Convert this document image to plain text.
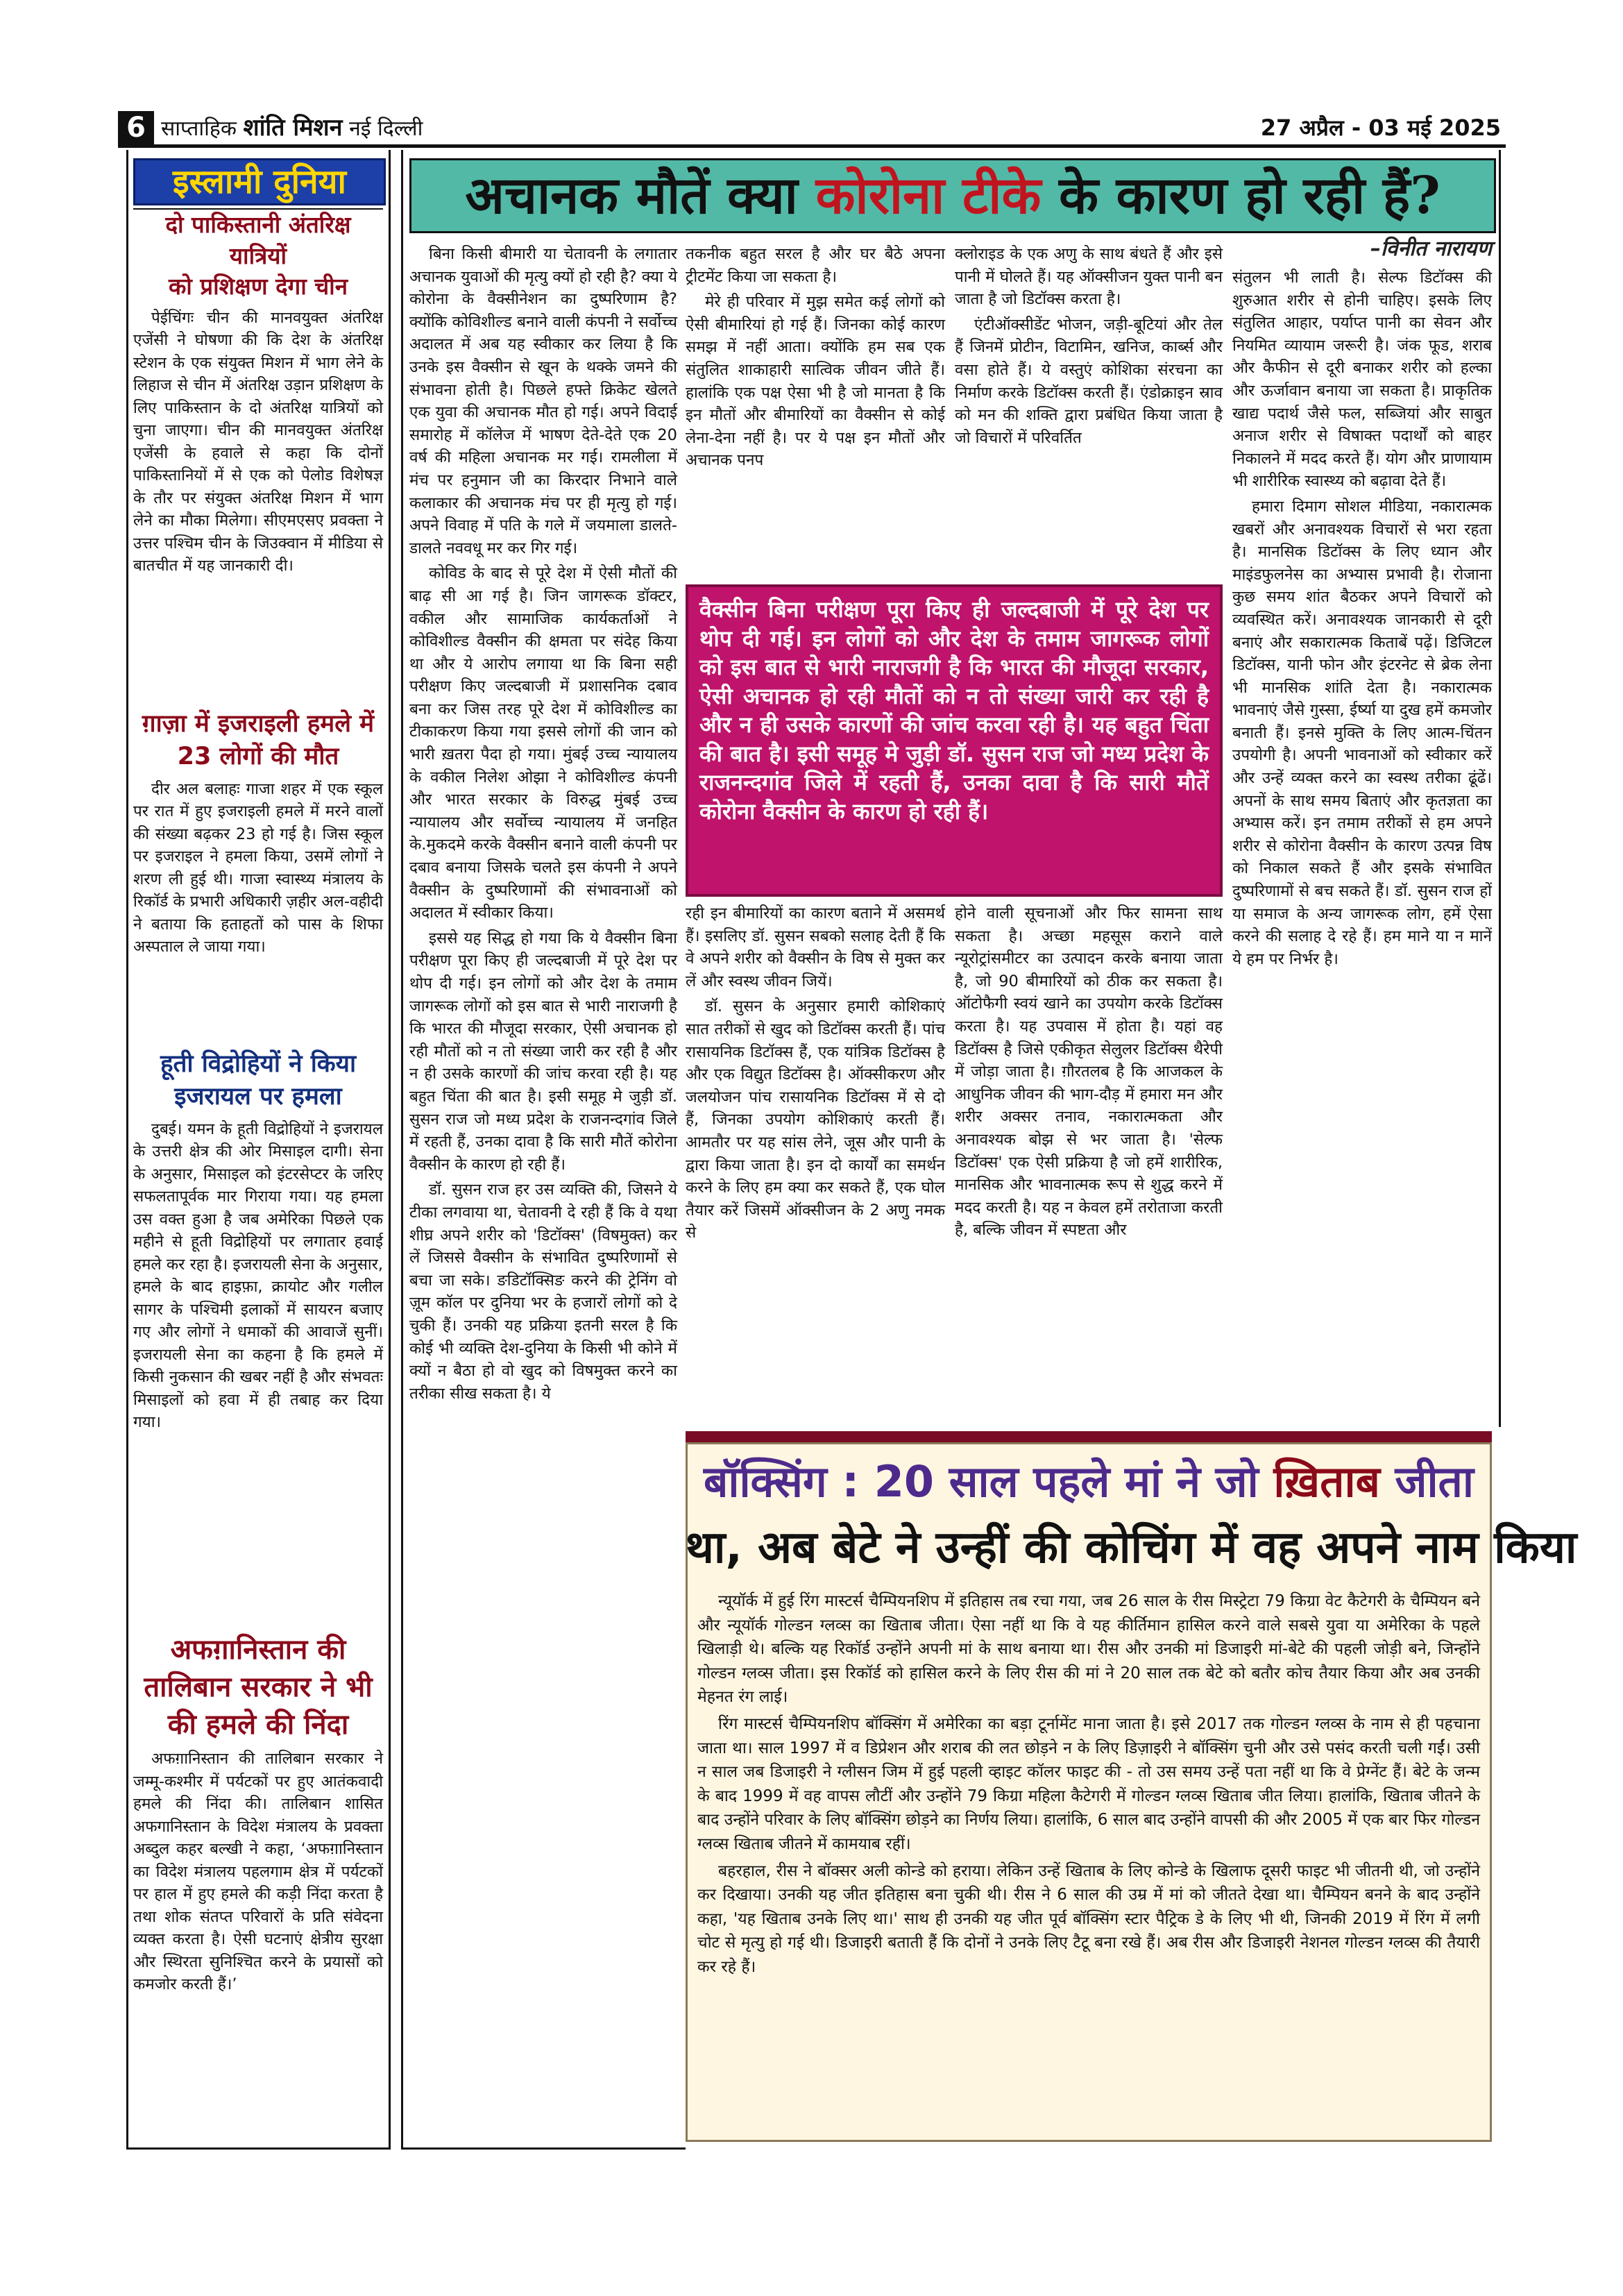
6 साप्ताहिक शांति मिशन नई दिल्ली	27 अप्रैल - 03 मई 2025
इस्लामी दुनिया
दो पाकिस्तानी अंतरिक्ष यात्रियों
को प्रशिक्षण देगा चीन

पेईचिंगः चीन की मानवयुक्त अंतरिक्ष एजेंसी ने घोषणा की कि देश के अंतरिक्ष स्टेशन के एक संयुक्त मिशन में भाग लेने के लिहाज से चीन में अंतरिक्ष उड़ान प्रशिक्षण के लिए पाकिस्तान के दो अंतरिक्ष यात्रियों को चुना जाएगा। चीन की मानवयुक्त अंतरिक्ष एजेंसी के हवाले से कहा कि दोनों पाकिस्तानियों में से एक को पेलोड विशेषज्ञ के तौर पर संयुक्त अंतरिक्ष मिशन में भाग लेने का मौका मिलेगा। सीएमएसए प्रवक्ता ने उत्तर पश्चिम चीन के जिउक्वान में मीडिया से बातचीत में यह जानकारी दी।

ग़ाज़ा में इजराइली हमले में 23 लोगों की मौत

दीर अल बलाहः गाजा शहर में एक स्कूल पर रात में हुए इजराइली हमले में मरने वालों की संख्या बढ़कर 23 हो गई है। जिस स्कूल पर इजराइल ने हमला किया, उसमें लोगों ने शरण ली हुई थी। गाजा स्वास्थ्य मंत्रालय के रिकॉर्ड के प्रभारी अधिकारी ज़हीर अल-वहीदी ने बताया कि हताहतों को पास के शिफा अस्पताल ले जाया गया।

हूती विद्रोहियों ने किया
इजरायल पर हमला

दुबई। यमन के हूती विद्रोहियों ने इजरायल के उत्तरी क्षेत्र की ओर मिसाइल दागी। सेना के अनुसार, मिसाइल को इंटरसेप्टर के जरिए सफलतापूर्वक मार गिराया गया। यह हमला उस वक्त हुआ है जब अमेरिका पिछले एक महीने से हूती विद्रोहियों पर लगातार हवाई हमले कर रहा है। इजरायली सेना के अनुसार, हमले के बाद हाइफ़ा, क्रायोट और गलील सागर के पश्चिमी इलाकों में सायरन बजाए गए और लोगों ने धमाकों की आवाजें सुनीं। इजरायली सेना का कहना है कि हमले में किसी नुकसान की खबर नहीं है और संभवतः मिसाइलों को हवा में ही तबाह कर दिया गया।

अफग़ानिस्तान की
तालिबान सरकार ने भी
की हमले की निंदा

अफग़ानिस्तान की तालिबान सरकार ने जम्मू-कश्मीर में पर्यटकों पर हुए आतंकवादी हमले की निंदा की। तालिबान शासित अफगानिस्तान के विदेश मंत्रालय के प्रवक्ता अब्दुल कहर बल्खी ने कहा, ‘अफग़ानिस्तान का विदेश मंत्रालय पहलगाम क्षेत्र में पर्यटकों पर हाल में हुए हमले की कड़ी निंदा करता है तथा शोक संतप्त परिवारों के प्रति संवेदना व्यक्त करता है। ऐसी घटनाएं क्षेत्रीय सुरक्षा और स्थिरता सुनिश्चित करने के प्रयासों को कमजोर करती हैं।’

अचानक मौतें क्या कोरोना टीके के कारण हो रही हैं?
–विनीत नारायण

बिना किसी बीमारी या चेतावनी के लगातार अचानक युवाओं की मृत्यु क्यों हो रही है? क्या ये कोरोना के वैक्सीनेशन का दुष्परिणाम है? क्योंकि कोविशील्ड बनाने वाली कंपनी ने सर्वोच्च अदालत में अब यह स्वीकार कर लिया है कि उनके इस वैक्सीन से खून के थक्के जमने की संभावना होती है। पिछले हफ्ते क्रिकेट खेलते एक युवा की अचानक मौत हो गई। अपने विदाई समारोह में कॉलेज में भाषण देते-देते एक 20 वर्ष की महिला अचानक मर गई। रामलीला में मंच पर हनुमान जी का किरदार निभाने वाले कलाकार की अचानक मंच पर ही मृत्यु हो गई। अपने विवाह में पति के गले में जयमाला डालते-डालते नववधू मर कर गिर गई।

कोविड के बाद से पूरे देश में ऐसी मौतों की बाढ़ सी आ गई है। जिन जागरूक डॉक्टर, वकील और सामाजिक कार्यकर्ताओं ने कोविशील्ड वैक्सीन की क्षमता पर संदेह किया था और ये आरोप लगाया था कि बिना सही परीक्षण किए जल्दबाजी में प्रशासनिक दबाव बना कर जिस तरह पूरे देश में कोविशील्ड का टीकाकरण किया गया इससे लोगों की जान को भारी ख़तरा पैदा हो गया। मुंबई उच्च न्यायालय के वकील निलेश ओझा ने कोविशील्ड कंपनी और भारत सरकार के विरुद्ध मुंबई उच्च न्यायालय और सर्वोच्च न्यायालय में जनहित के.मुकदमे करके वैक्सीन बनाने वाली कंपनी पर दबाव बनाया जिसके चलते इस कंपनी ने अपने वैक्सीन के दुष्परिणामों की संभावनाओं को अदालत में स्वीकार किया।

इससे यह सिद्ध हो गया कि ये वैक्सीन बिना परीक्षण पूरा किए ही जल्दबाजी में पूरे देश पर थोप दी गई। इन लोगों को और देश के तमाम जागरूक लोगों को इस बात से भारी नाराजगी है कि भारत की मौजूदा सरकार, ऐसी अचानक हो रही मौतों को न तो संख्या जारी कर रही है और न ही उसके कारणों की जांच करवा रही है। यह बहुत चिंता की बात है। इसी समूह मे जुड़ी डॉ. सुसन राज जो मध्य प्रदेश के राजनन्दगांव जिले में रहती हैं, उनका दावा है कि सारी मौतें कोरोना वैक्सीन के कारण हो रही हैं।

डॉ. सुसन राज हर उस व्यक्ति की, जिसने ये टीका लगवाया था, चेतावनी दे रही हैं कि वे यथा शीघ्र अपने शरीर को 'डिटॉक्स' (विषमुक्त) कर लें जिससे वैक्सीन के संभावित दुष्परिणामों से बचा जा सके। ङडिटॉक्सिङ करने की ट्रेनिंग वो ज़ूम कॉल पर दुनिया भर के हजारों लोगों को दे चुकी हैं। उनकी यह प्रक्रिया इतनी सरल है कि कोई भी व्यक्ति देश-दुनिया के किसी भी कोने में क्यों न बैठा हो वो खुद को विषमुक्त करने का तरीका सीख सकता है। ये

तकनीक बहुत सरल है और घर बैठे अपना ट्रीटमेंट किया जा सकता है।

मेरे ही परिवार में मुझ समेत कई लोगों को ऐसी बीमारियां हो गई हैं। जिनका कोई कारण समझ में नहीं आता। क्योंकि हम सब एक संतुलित शाकाहारी सात्विक जीवन जीते हैं। हालांकि एक पक्ष ऐसा भी है जो मानता है कि इन मौतों और बीमारियों का वैक्सीन से कोई लेना-देना नहीं है। पर ये पक्ष इन मौतों और अचानक पनप

क्लोराइड के एक अणु के साथ बंधते हैं और इसे पानी में घोलते हैं। यह ऑक्सीजन युक्त पानी बन जाता है जो डिटॉक्स करता है।

एंटीऑक्सीडेंट भोजन, जड़ी-बूटियां और तेल हैं जिनमें प्रोटीन, विटामिन, खनिज, कार्ब्स और वसा होते हैं। ये वस्तुएं कोशिका संरचना का निर्माण करके डिटॉक्स करती हैं। एंडोक्राइन स्राव को मन की शक्ति द्वारा प्रबंधित किया जाता है जो विचारों में परिवर्तित

वैक्सीन बिना परीक्षण पूरा किए ही जल्दबाजी में पूरे देश पर थोप दी गई। इन लोगों को और देश के तमाम जागरूक लोगों को इस बात से भारी नाराजगी है कि भारत की मौजूदा सरकार, ऐसी अचानक हो रही मौतों को न तो संख्या जारी कर रही है और न ही उसके कारणों की जांच करवा रही है। यह बहुत चिंता की बात है। इसी समूह मे जुड़ी डॉ. सुसन राज जो मध्य प्रदेश के राजनन्दगांव जिले में रहती हैं, उनका दावा है कि सारी मौतें कोरोना वैक्सीन के कारण हो रही हैं।

रही इन बीमारियों का कारण बताने में असमर्थ हैं। इसलिए डॉ. सुसन सबको सलाह देती हैं कि वे अपने शरीर को वैक्सीन के विष से मुक्त कर लें और स्वस्थ जीवन जियें।

डॉ. सुसन के अनुसार हमारी कोशिकाएं सात तरीकों से खुद को डिटॉक्स करती हैं। पांच रासायनिक डिटॉक्स हैं, एक यांत्रिक डिटॉक्स है और एक विद्युत डिटॉक्स है। ऑक्सीकरण और जलयोजन पांच रासायनिक डिटॉक्स में से दो हैं, जिनका उपयोग कोशिकाएं करती हैं। आमतौर पर यह सांस लेने, जूस और पानी के द्वारा किया जाता है। इन दो कार्यों का समर्थन करने के लिए हम क्या कर सकते हैं, एक घोल तैयार करें जिसमें ऑक्सीजन के 2 अणु नमक से

होने वाली सूचनाओं और फिर सामना साथ सकता है। अच्छा महसूस कराने वाले न्यूरोट्रांसमीटर का उत्पादन करके बनाया जाता है, जो 90 बीमारियों को ठीक कर सकता है। ऑटोफैगी स्वयं खाने का उपयोग करके डिटॉक्स करता है। यह उपवास में होता है। यहां वह डिटॉक्स है जिसे एकीकृत सेलुलर डिटॉक्स थैरेपी में जोड़ा जाता है। ग़ौरतलब है कि आजकल के आधुनिक जीवन की भाग-दौड़ में हमारा मन और शरीर अक्सर तनाव, नकारात्मकता और अनावश्यक बोझ से भर जाता है। 'सेल्फ डिटॉक्स' एक ऐसी प्रक्रिया है जो हमें शारीरिक, मानसिक और भावनात्मक रूप से शुद्ध करने में मदद करती है। यह न केवल हमें तरोताजा करती है, बल्कि जीवन में स्पष्टता और

संतुलन भी लाती है। सेल्फ डिटॉक्स की शुरुआत शरीर से होनी चाहिए। इसके लिए संतुलित आहार, पर्याप्त पानी का सेवन और नियमित व्यायाम जरूरी है। जंक फूड, शराब और कैफीन से दूरी बनाकर शरीर को हल्का और ऊर्जावान बनाया जा सकता है। प्राकृतिक खाद्य पदार्थ जैसे फल, सब्जियां और साबुत अनाज शरीर से विषाक्त पदार्थों को बाहर निकालने में मदद करते हैं। योग और प्राणायाम भी शारीरिक स्वास्थ्य को बढ़ावा देते हैं।

हमारा दिमाग सोशल मीडिया, नकारात्मक खबरों और अनावश्यक विचारों से भरा रहता है। मानसिक डिटॉक्स के लिए ध्यान और माइंडफुलनेस का अभ्यास प्रभावी है। रोजाना कुछ समय शांत बैठकर अपने विचारों को व्यवस्थित करें। अनावश्यक जानकारी से दूरी बनाएं और सकारात्मक किताबें पढ़ें। डिजिटल डिटॉक्स, यानी फोन और इंटरनेट से ब्रेक लेना भी मानसिक शांति देता है। नकारात्मक भावनाएं जैसे गुस्सा, ईर्ष्या या दुख हमें कमजोर बनाती हैं। इनसे मुक्ति के लिए आत्म-चिंतन उपयोगी है। अपनी भावनाओं को स्वीकार करें और उन्हें व्यक्त करने का स्वस्थ तरीका ढूंढें। अपनों के साथ समय बिताएं और कृतज्ञता का अभ्यास करें। इन तमाम तरीकों से हम अपने शरीर से कोरोना वैक्सीन के कारण उत्पन्न विष को निकाल सकते हैं और इसके संभावित दुष्परिणामों से बच सकते हैं। डॉ. सुसन राज हों या समाज के अन्य जागरूक लोग, हमें ऐसा करने की सलाह दे रहे हैं। हम माने या न मानें ये हम पर निर्भर है।

बॉक्सिंग : 20 साल पहले मां ने जो ख़िताब जीता
था, अब बेटे ने उन्हीं की कोचिंग में वह अपने नाम किया

न्यूयॉर्क में हुई रिंग मास्टर्स चैम्पियनशिप में इतिहास तब रचा गया, जब 26 साल के रीस मिस्ट्रेटा 79 किग्रा वेट कैटेगरी के चैम्पियन बने और न्यूयॉर्क गोल्डन ग्लव्स का खिताब जीता। ऐसा नहीं था कि वे यह कीर्तिमान हासिल करने वाले सबसे युवा या अमेरिका के पहले खिलाड़ी थे। बल्कि यह रिकॉर्ड उन्होंने अपनी मां के साथ बनाया था। रीस और उनकी मां डिजाइरी मां-बेटे की पहली जोड़ी बने, जिन्होंने गोल्डन ग्लव्स जीता। इस रिकॉर्ड को हासिल करने के लिए रीस की मां ने 20 साल तक बेटे को बतौर कोच तैयार किया और अब उनकी मेहनत रंग लाई।

रिंग मास्टर्स चैम्पियनशिप बॉक्सिंग में अमेरिका का बड़ा टूर्नामेंट माना जाता है। इसे 2017 तक गोल्डन ग्लव्स के नाम से ही पहचाना जाता था। साल 1997 में व डिप्रेशन और शराब की लत छोड़ने न के लिए डिज़ाइरी ने बॉक्सिंग चुनी और उसे पसंद करती चली गईं। उसी न साल जब डिजाइरी ने ग्लीसन जिम में हुई पहली व्हाइट कॉलर फाइट की - तो उस समय उन्हें पता नहीं था कि वे प्रेग्नेंट हैं। बेटे के जन्म के बाद 1999 में वह वापस लौटीं और उन्होंने 79 किग्रा महिला कैटेगरी में गोल्डन ग्लव्स खिताब जीत लिया। हालांकि, खिताब जीतने के बाद उन्होंने परिवार के लिए बॉक्सिंग छोड़ने का निर्णय लिया। हालांकि, 6 साल बाद उन्होंने वापसी की और 2005 में एक बार फिर गोल्डन ग्लव्स खिताब जीतने में कामयाब रहीं।

बहरहाल, रीस ने बॉक्सर अली कोन्डे को हराया। लेकिन उन्हें खिताब के लिए कोन्डे के खिलाफ दूसरी फाइट भी जीतनी थी, जो उन्होंने कर दिखाया। उनकी यह जीत इतिहास बना चुकी थी। रीस ने 6 साल की उम्र में मां को जीतते देखा था। चैम्पियन बनने के बाद उन्होंने कहा, 'यह खिताब उनके लिए था।' साथ ही उनकी यह जीत पूर्व बॉक्सिंग स्टार पैट्रिक डे के लिए भी थी, जिनकी 2019 में रिंग में लगी चोट से मृत्यु हो गई थी। डिजाइरी बताती हैं कि दोनों ने उनके लिए टैटू बना रखे हैं। अब रीस और डिजाइरी नेशनल गोल्डन ग्लव्स की तैयारी कर रहे हैं।
